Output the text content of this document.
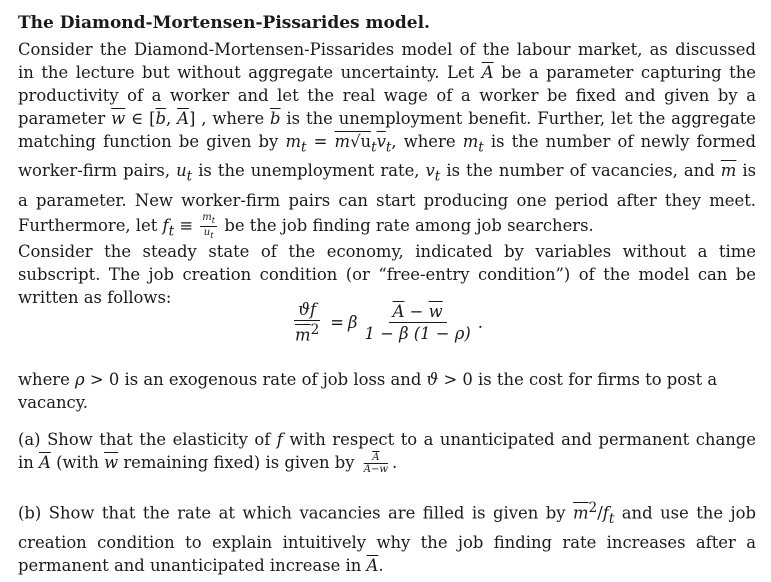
The Diamond-Mortensen-Pissarides model.
Consider the Diamond-Mortensen-Pissarides model of the labour market, as discussed in the lecture but without aggregate uncertainty. Let $\overline{A}$ be a parameter capturing the productivity of a worker and let the real wage of a worker be fixed and given by a parameter $\overline{w}$ ∈ [$\overline{b}$, $\overline{A}$] , where $\overline{b}$ is the unemployment benefit. Further, let the aggregate matching function be given by $m_t = \overline{m}√u_t\overline{v}_t$, where $m_t$ is the number of newly formed worker-firm pairs, $u_t$ is the unemployment rate, $v_t$ is the number of vacancies, and $\overline{m}$ is a parameter. New worker-firm pairs can start producing one period after they meet. Furthermore, let $f_t \equiv \frac{m_t}{u_t}$ be the job finding rate among job searchers.
Consider the steady state of the economy, indicated by variables without a time subscript. The job creation condition (or “free-entry condition”) of the model can be written as follows:
$\frac{ϑf}{\overline{m}^2} = \beta \frac{\overline{A} - \overline{w}}{1 - \beta (1 - \rho)}$ .
where ρ > 0 is an exogenous rate of job loss and ϑ > 0 is the cost for firms to post a vacancy.
(a) Show that the elasticity of f with respect to a unanticipated and permanent change in $\overline{A}$ (with $\overline{w}$ remaining fixed) is given by $\frac{\overline{A}}{\overline{A}-\overline{w}}$ .
(b) Show that the rate at which vacancies are filled is given by $\overline{m}^2/f_t$ and use the job creation condition to explain intuitively why the job finding rate increases after a permanent and unanticipated increase in $\overline{A}$.
